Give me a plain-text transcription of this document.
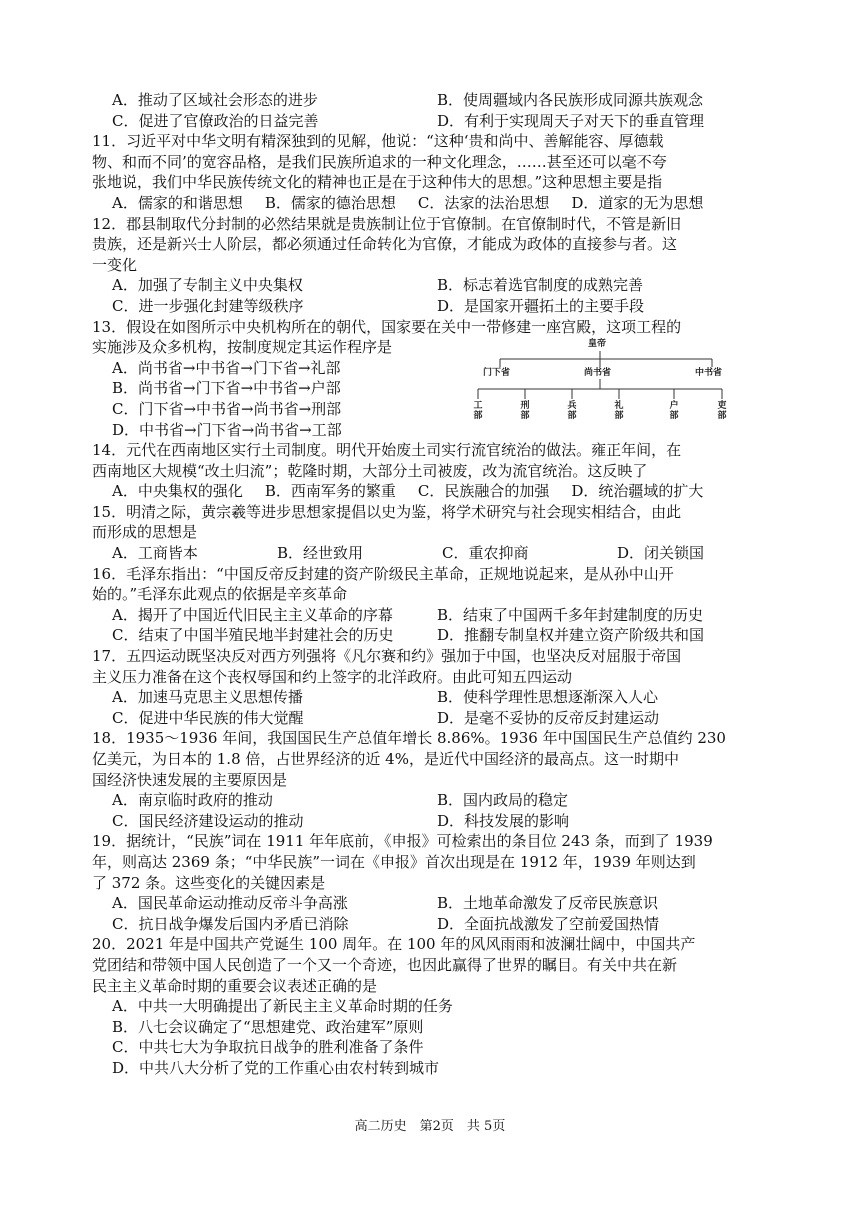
A．推动了区域社会形态的进步	B．使周疆域内各民族形成同源共族观念
C．促进了官僚政治的日益完善	D．有利于实现周天子对天下的垂直管理
11．习近平对中华文明有精深独到的见解，他说：“这种‘贵和尚中、善解能容、厚德载
物、和而不同’的宽容品格，是我们民族所追求的一种文化理念，……甚至还可以毫不夸
张地说，我们中华民族传统文化的精神也正是在于这种伟大的思想。”这种思想主要是指
A．儒家的和谐思想 B．儒家的德治思想 C．法家的法治思想 D．道家的无为思想
12．郡县制取代分封制的必然结果就是贵族制让位于官僚制。在官僚制时代，不管是新旧
贵族，还是新兴士人阶层，都必须通过任命转化为官僚，才能成为政体的直接参与者。这
一变化
A．加强了专制主义中央集权	B．标志着选官制度的成熟完善
C．进一步强化封建等级秩序	D．是国家开疆拓土的主要手段
13．假设在如图所示中央机构所在的朝代，国家要在关中一带修建一座宫殿，这项工程的
实施涉及众多机构，按制度规定其运作程序是
A．尚书省→中书省→门下省→礼部
B．尚书省→门下省→中书省→户部
C．门下省→中书省→尚书省→刑部
D．中书省→门下省→尚书省→工部
皇帝
门下省	尚书省	中书省
工部
刑部
兵部
礼部
户部
吏部
14．元代在西南地区实行土司制度。明代开始废土司实行流官统治的做法。雍正年间，在
西南地区大规模“改土归流”；乾隆时期，大部分土司被废，改为流官统治。这反映了
A．中央集权的强化 B．西南军务的繁重 C．民族融合的加强 D．统治疆域的扩大
15．明清之际，黄宗羲等进步思想家提倡以史为鉴，将学术研究与社会现实相结合，由此
而形成的思想是
A．工商皆本	B．经世致用	C．重农抑商	D．闭关锁国
16．毛泽东指出：“中国反帝反封建的资产阶级民主革命，正规地说起来，是从孙中山开
始的。”毛泽东此观点的依据是辛亥革命
A．揭开了中国近代旧民主主义革命的序幕	B．结束了中国两千多年封建制度的历史
C．结束了中国半殖民地半封建社会的历史	D．推翻专制皇权并建立资产阶级共和国
17．五四运动既坚决反对西方列强将《凡尔赛和约》强加于中国，也坚决反对屈服于帝国
主义压力准备在这个丧权辱国和约上签字的北洋政府。由此可知五四运动
A．加速马克思主义思想传播	B．使科学理性思想逐渐深入人心
C．促进中华民族的伟大觉醒	D．是毫不妥协的反帝反封建运动
18．1935～1936 年间，我国国民生产总值年增长 8.86%。1936 年中国国民生产总值约 230
亿美元，为日本的 1.8 倍，占世界经济的近 4%，是近代中国经济的最高点。这一时期中
国经济快速发展的主要原因是
A．南京临时政府的推动	B．国内政局的稳定
C．国民经济建设运动的推动	D．科技发展的影响
19．据统计，“民族”词在 1911 年年底前，《申报》可检索出的条目位 243 条，而到了 1939
年，则高达 2369 条；“中华民族”一词在《申报》首次出现是在 1912 年，1939 年则达到
了 372 条。这些变化的关键因素是
A．国民革命运动推动反帝斗争高涨	B．土地革命激发了反帝民族意识
C．抗日战争爆发后国内矛盾已消除	D．全面抗战激发了空前爱国热情
20．2021 年是中国共产党诞生 100 周年。在 100 年的风风雨雨和波澜壮阔中，中国共产
党团结和带领中国人民创造了一个又一个奇迹，也因此赢得了世界的瞩目。有关中共在新
民主主义革命时期的重要会议表述正确的是
A．中共一大明确提出了新民主主义革命时期的任务
B．八七会议确定了“思想建党、政治建军”原则
C．中共七大为争取抗日战争的胜利准备了条件
D．中共八大分析了党的工作重心由农村转到城市
高二历史　第2页　共 5页
